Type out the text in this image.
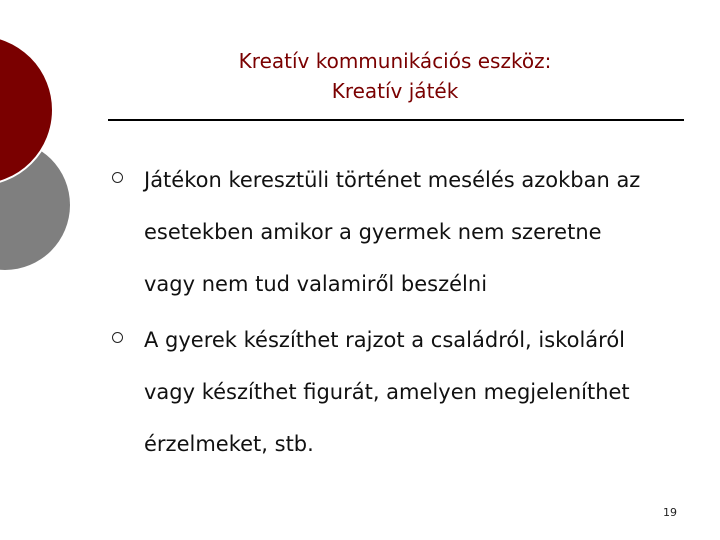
Kreatív kommunikációs eszköz:
Kreatív játék
Játékon keresztüli történet mesélés azokban az
esetekben amikor a gyermek nem szeretne
vagy nem tud valamiről beszélni
A gyerek készíthet rajzot a családról, iskoláról
vagy készíthet figurát, amelyen megjeleníthet
érzelmeket, stb.
19
